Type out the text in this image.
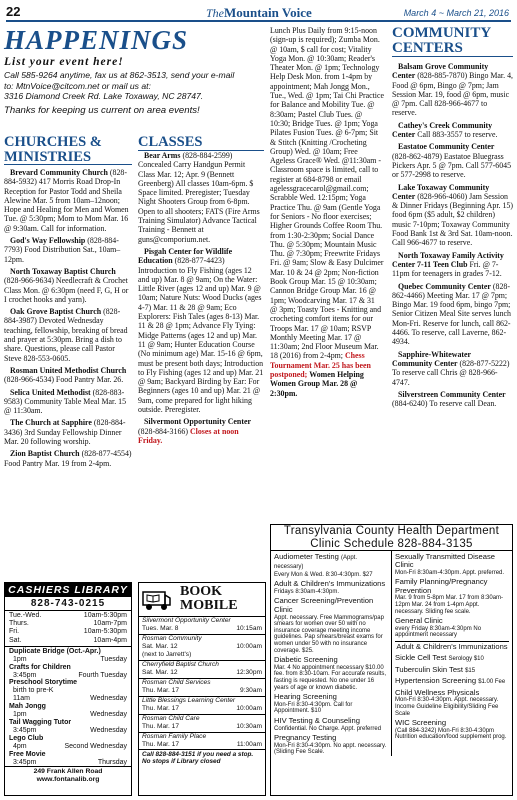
22	TheMountain Voice	March 4 ~ March 21, 2016
HAPPENINGS
List your event here!
Call 585-9264 anytime, fax us at 862-3513, send your e-mail
to: MtnVoice@citcom.net or mail us at:
3316 Diamond Creek Rd. Lake Toxaway, NC 28747.
Thanks for keeping us current on area events!
CHURCHES & MINISTRIES

Brevard Community Church (828-884-5932) 417 Morris Road Drop-In Reception for Pastor Todd and Sheila Alewine Mar. 5 from 10am–12noon; Hope and Healing for Men and Women Tue. @ 5:30pm; Mom to Mom Mar. 16 @ 9:30am. Call for information.

God's Way Fellowship (828-884-7793) Food Distribution Sat., 10am–12pm.

North Toxaway Baptist Church (828-966-9634) Needlecraft & Crochet Class Mon. @ 6:30pm (need F, G, H or I crochet hooks and yarn).

Oak Grove Baptist Church (828-884-3987) Devoted Wednesday teaching, fellowship, breaking of bread and prayer at 5:30pm. Bring a dish to share. Questions, please call Pastor Steve 828-553-0605.

Rosman United Methodist Church (828-966-4534) Food Pantry Mar. 26.

Selica United Methodist (828-883-9583) Community Table Meal Mar. 15 @ 11:30am.

The Church at Sapphire (828-884-3436) 3rd Sunday Fellowship Dinner Mar. 20 following worship.

Zion Baptist Church (828-877-4554) Food Pantry Mar. 19 from 2-4pm.

CLASSES

Bear Arms (828-884-2599) Concealed Carry Handgun Permit Class Mar. 12; Apr. 9 (Bennett Greenberg) All classes 10am-6pm. $ Space limited. Preregister; Tuesday Night Shooters Group from 6-8pm. Open to all shooters; FATS (Fire Arms Training Simulator) Advance Tactical Training - Bennett at guns@comporium.net.

Pisgah Center for Wildlife Education (828-877-4423) Introduction to Fly Fishing (ages 12 and up) Mar. 8 @ 9am; On the Water: Little River (ages 12 and up) Mar. 9 @ 10am; Nature Nuts: Wood Ducks (ages 4-7) Mar. 11 & 28 @ 9am; Eco Explorers: Fish Tales (ages 8-13) Mar. 11 & 28 @ 1pm; Advance Fly Tying: Midge Patterns (ages 12 and up) Mar. 11 @ 9am; Hunter Education Course (No minimum age) Mar. 15-16 @ 6pm, must be present both days; Introduction to Fly Fishing (ages 12 and up) Mar. 21 @ 9am; Backyard Birding by Ear: For Beginners (ages 10 and up) Mar. 21 @ 9am, come prepared for light hiking outside. Preregister.

Silvermont Opportunity Center (828-884-3166) Closes at noon Friday.

Lunch Plus Daily from 9:15-noon (sign-up is required); Zumba Mon. @ 10am, $ call for cost; Vitality Yoga Mon. @ 10:30am; Reader's Theater Mon. @ 1pm; Technology Help Desk Mon. from 1-4pm by appointment; Mah Jongg Mon., Tue., Wed. @ 1pm; Tai Chi Practice for Balance and Mobility Tue. @ 8:30am; Pastel Club Tues. @ 10:30; Bridge Tues. @ 1pm; Yoga Pilates Fusion Tues. @ 6-7pm; Sit & Stitch (Knitting /Crocheting Group) Wed. @ 10am; Free Ageless Grace® Wed. @11:30am - Classroom space is limited, call to register at 684-8798 or email agelessgracecarol@gmail.com; Scrabble Wed. 12:15pm; Yoga Practice Thu. @ 9am (Gentle Yoga for Seniors - No floor exercises; Higher Grounds Coffee Room Thu. from 1:30-2:30pm; Social Dance Thu. @ 5:30pm; Mountain Music Thu. @ 7:30pm; Freewrite Fridays Fri. @ 9am; Slow & Easy Dulcimer Mar. 10 & 24 @ 2pm; Non-fiction Book Group Mar. 15 @ 10:30am; Cannon Bridge Group Mar. 16 @ 1pm; Woodcarving Mar. 17 & 31 @ 3pm; Toasty Toes - Knitting and crocheting comfort items for our Troops Mar. 17 @ 10am; RSVP Monthly Meeting Mar. 17 @ 11:30am; 2nd Floor Museum Mar. 18 (2016) from 2-4pm; Chess Tournament Mar. 25 has been postponed; Women Helping Women Group Mar. 28 @ 2:30pm.

COMMUNITY CENTERS

Balsam Grove Community Center (828-885-7870) Bingo Mar. 4, Food @ 6pm, Bingo @ 7pm; Jam Session Mar. 19, food @ 6pm, music @ 7pm. Call 828-966-4677 to reserve.

Cathey's Creek Community Center Call 883-3557 to reserve.

Eastatoe Community Center (828-862-4879) Eastatoe Bluegrass Pickers Apr. 5 @ 7pm. Call 577-6045 or 577-2998 to reserve.

Lake Toxaway Community Center (828-966-4060) Jam Session & Dinner Fridays (Beginning Apr. 15) food 6pm ($5 adult, $2 children) music 7-10pm; Toxaway Community Food Bank 1st & 3rd Sat. 10am-noon. Call 966-4677 to reserve.

North Toxaway Family Activity Center 7-11 Teen Club Fri. @ 7-11pm for teenagers in grades 7-12.

Quebec Community Center (828-862-4466) Meeting Mar. 17 @ 7pm; Bingo Mar. 19 food 6pm, bingo 7pm; Senior Citizen Meal Site serves lunch Mon-Fri. Reserve for lunch, call 862-4466. To reserve, call Laverne, 862-4934.

Sapphire-Whitewater Community Center (828-877-5222) To reserve call Chris @ 828-966-4747.

Silverstreen Community Center (884-6240) To reserve call Dean.

CASHIERS LIBRARY
828-743-0215
Tue.-Wed.	10am-5:30pm
Thurs.	10am-7pm
Fri.	10am-5:30pm
Sat.	10am-4pm
Duplicate Bridge (Oct.-Apr.)
1pm	Tuesday
Crafts for Children
3:45pm	Fourth Tuesday
Preschool Storytime
birth to pre-K
11am	Wednesday
Mah Jongg
1pm	Wednesday
Tail Wagging Tutor
3:45pm	Wednesday
Lego Club
4pm	Second Wednesday
Free Movie
3:45pm	Thursday
249 Frank Allen Road
www.fontanalib.org
BOOK
MOBILE
Silvermont Opportunity Center
Tues. Mar. 8	10:15am
Rosman Community
Sat. Mar. 12	10:00am
(next to Jarrett's)
Cherryfield Baptist Church
Sat. Mar. 12	12:30pm
Rosman Child Services
Thu. Mar. 17	9:30am
Little Blessings Learning Center
Thu. Mar. 17	10:00am
Rosman Child Care
Thu. Mar. 17	10:30am
Rosman Family Place
Thu. Mar. 17	11:00am
Call 828-884-3151 if you need a stop. No stops if Library closed
Transylvania County Health Department
Clinic Schedule 828-884-3135
Audiometer Testing (Appt. necessary)
Every Mon & Wed. 8:30-4:30pm. $27
Adult & Children's Immunizations
Fridays 8:30am-4:30pm.
Cancer Screening/Prevention Clinic
Appt. necessary. Free Mammograms/pap smears for women over 50 with no insurance coverage meeting income guidelines. Pap smears/breast exams for women under 50 with no insurance coverage. $25.
Diabetic Screening
Mar. 4 No appointment necessary $10.00 fee. from 8:30-10am. For accurate results, fasting is requested. No one under 16 years of age or known diabetic.
Hearing Screening
Mon-Fri 8:30-4:30pm. Call for Appointment. $10
HIV Testing & Counseling
Confidential. No Charge. Appt. preferred
Pregnancy Testing
Mon-Fri 8:30-4:30pm. No appt. necessary.(Sliding Fee Scale.
Sexually Transmitted Disease Clinic
Mon-Fri 8:30am-4:30pm. Appt. preferred.
Family Planning/Pregnancy Prevention
Mar. 9 from 5-8pm Mar. 17 from 8:30am-12pm Mar. 24 from 1-4pm Appt. necessary. Sliding fee scale.
General Clinic
every Friday 8:30am-4:30pm No appointment necessary
Adult & Children's Immunizations
Sickle Cell Test Serology $10
Tuberculin Skin Test $15
Hypertension Screening $1.00 Fee
Child Wellness Physicals
Mon-Fri 8:30-4:30pm. Appt. necessary. Income Guideline Eligibility/Sliding Fee Scale
WIC Screening
(Call 884-3242) Mon-Fri 8:30-4:30pm Nutrition education/food supplement prog.
